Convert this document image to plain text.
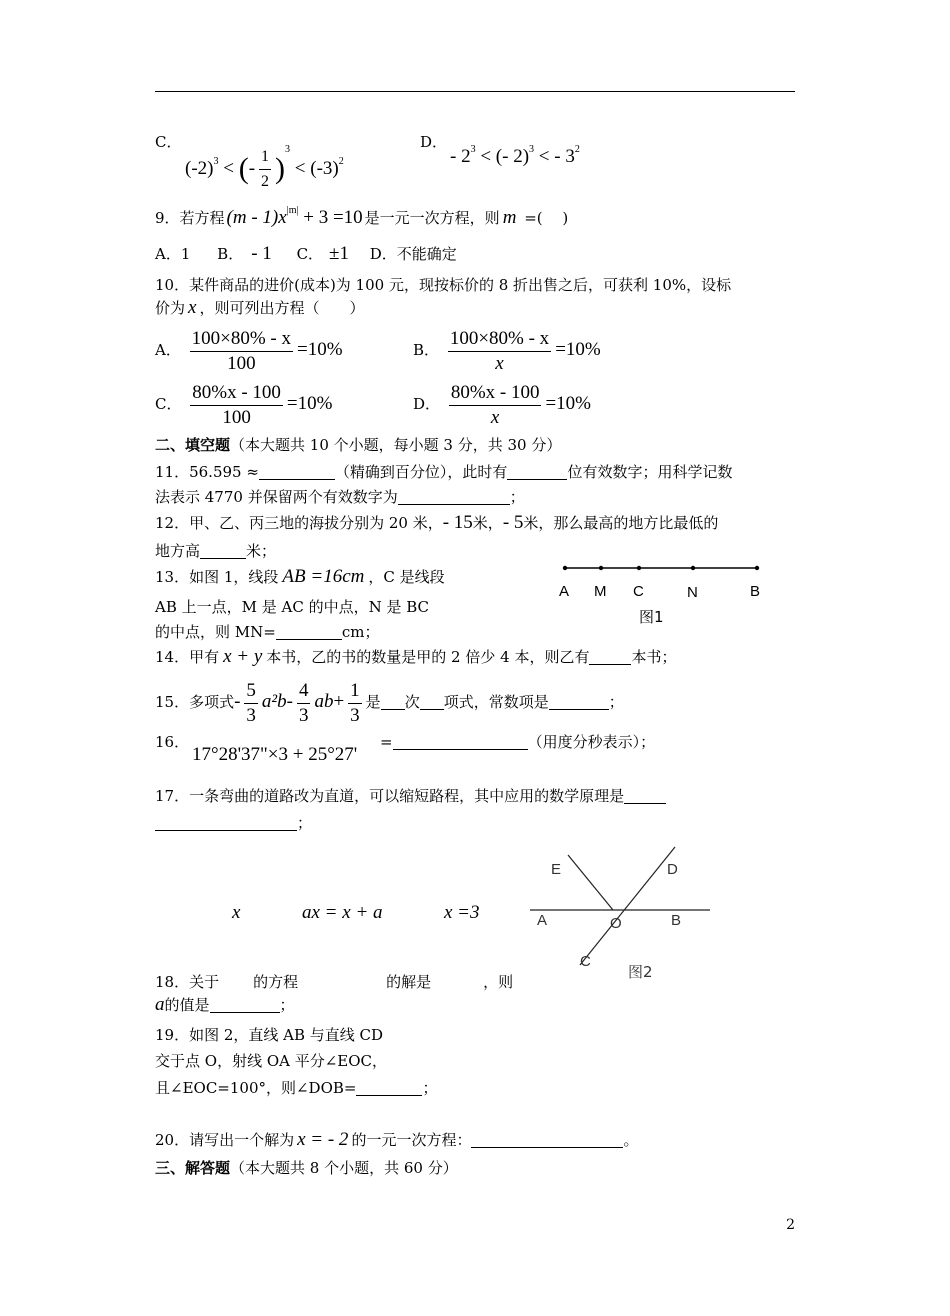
C．
$(-2)^3$ < (- $\frac{1}{2} )^3 < (-3)^2$
D．
- $2^3$ < (- 2)$^3$ < - $3^2$
9．若方程 $(m - 1)x^{|m|} + 3 =10$ 是一元一次方程，则 m =(　 )
A．1 B． - 1 C． ±1 D．不能确定
10．某件商品的进价(成本)为 100 元，现按标价的 8 折出售之后，可获利 10%，设标
价为 x ，则可列出方程（　　）
A． $\frac{100\times 80\% - x}{100} =10\%$	B． $\frac{100\times 80\% - x}{x} =10\%$
C． $\frac{80\%x - 100}{100} =10\%$	D． $\frac{80\%x - 100}{x} =10\%$
二、填空题（本大题共 10 个小题，每小题 3 分，共 30 分）
11．56.595 ≈	（精确到百分位），此时有	位有效数字；用科学记数
法表示 4770 并保留两个有效数字为	；
12．甲、乙、丙三地的海拔分别为 20 米，- 15米，- 5米，那么最高的地方比最低的
地方高	米；
13．如图 1，线段 AB =16cm ，C 是线段
AB 上一点，M 是 AC 的中点，N 是 BC
的中点，则 MN=	cm；
A M C	N	B
图1
14．甲有 x + y 本书，乙的书的数量是甲的 2 倍少 4 本，则乙有	本书；
15．多项式- $\frac{5}{3} a^2b- \frac{4}{3} ab+ \frac{1}{3}$ 是 次 项式，常数项是	；
16．
17°28'37"×3 + 25°27'
=	（用度分秒表示）；
17．一条弯曲的道路改为直道，可以缩短路程，其中应用的数学原理是
；
x	ax = x + a	x =3
18．关于 的方程	的解是	，则
a的值是	；
E	D
A	O	B
C
图2
19．如图 2，直线 AB 与直线 CD
交于点 O，射线 OA 平分∠EOC，
且∠EOC=100°，则∠DOB=	；
20．请写出一个解为 x = - 2 的一元一次方程：	。
三、解答题（本大题共 8 个小题，共 60 分）
2
